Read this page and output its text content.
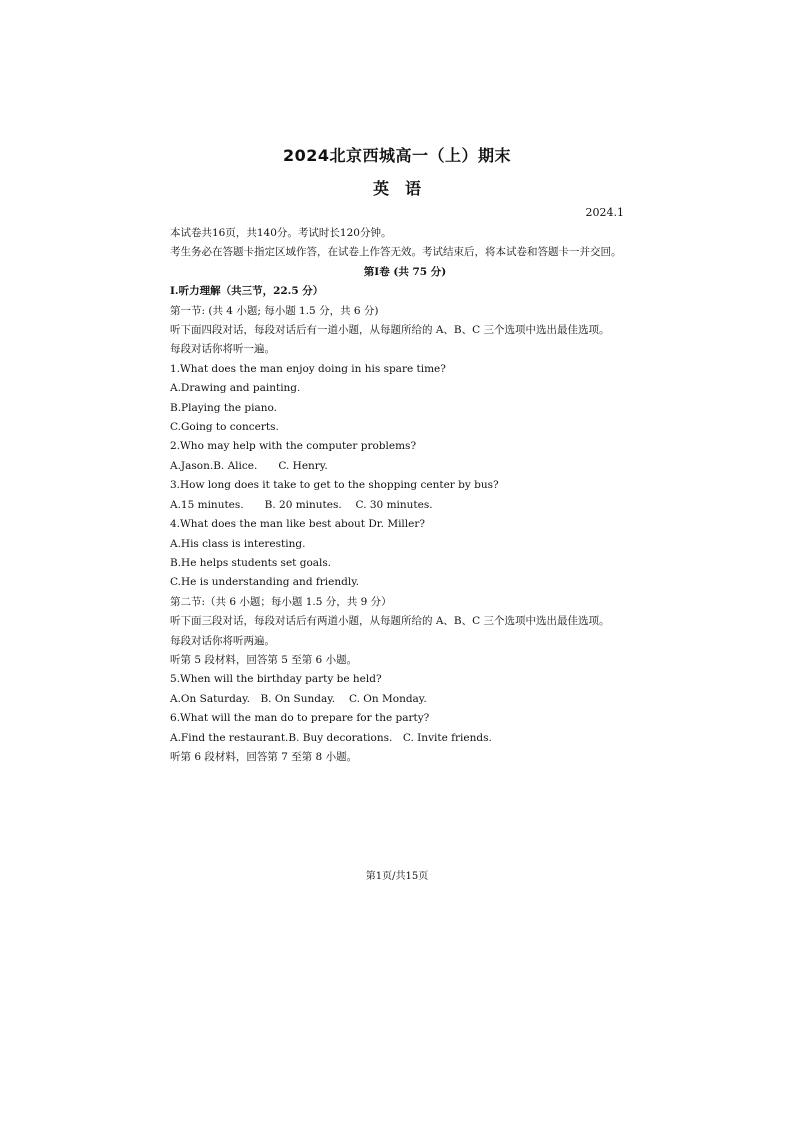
2024北京西城高一（上）期末
英　语
2024.1

本试卷共16页，共140分。考试时长120分钟。

考生务必在答题卡指定区域作答，在试卷上作答无效。考试结束后，将本试卷和答题卡一并交回。

第I卷 (共 75 分)

I.听力理解（共三节，22.5 分）

第一节: (共 4 小题; 每小题 1.5 分，共 6 分)

听下面四段对话，每段对话后有一道小题，从每题所给的 A、B、C 三个选项中选出最佳选项。

每段对话你将听一遍。

1.What does the man enjoy doing in his spare time?

A.Drawing and painting.

B.Playing the piano.

C.Going to concerts.

2.Who may help with the computer problems?

A.Jason.B. Alice.　　C. Henry.

3.How long does it take to get to the shopping center by bus?

A.15 minutes.　　B. 20 minutes.　 C. 30 minutes.

4.What does the man like best about Dr. Miller?

A.His class is interesting.

B.He helps students set goals.

C.He is understanding and friendly.

第二节:（共 6 小题；每小题 1.5 分，共 9 分）

听下面三段对话，每段对话后有两道小题，从每题所给的 A、B、C 三个选项中选出最佳选项。

每段对话你将听两遍。

听第 5 段材料，回答第 5 至第 6 小题。

5.When will the birthday party be held?

A.On Saturday.　B. On Sunday.　 C. On Monday.

6.What will the man do to prepare for the party?

A.Find the restaurant.B. Buy decorations.　C. Invite friends.

听第 6 段材料，回答第 7 至第 8 小题。

第1页/共15页
